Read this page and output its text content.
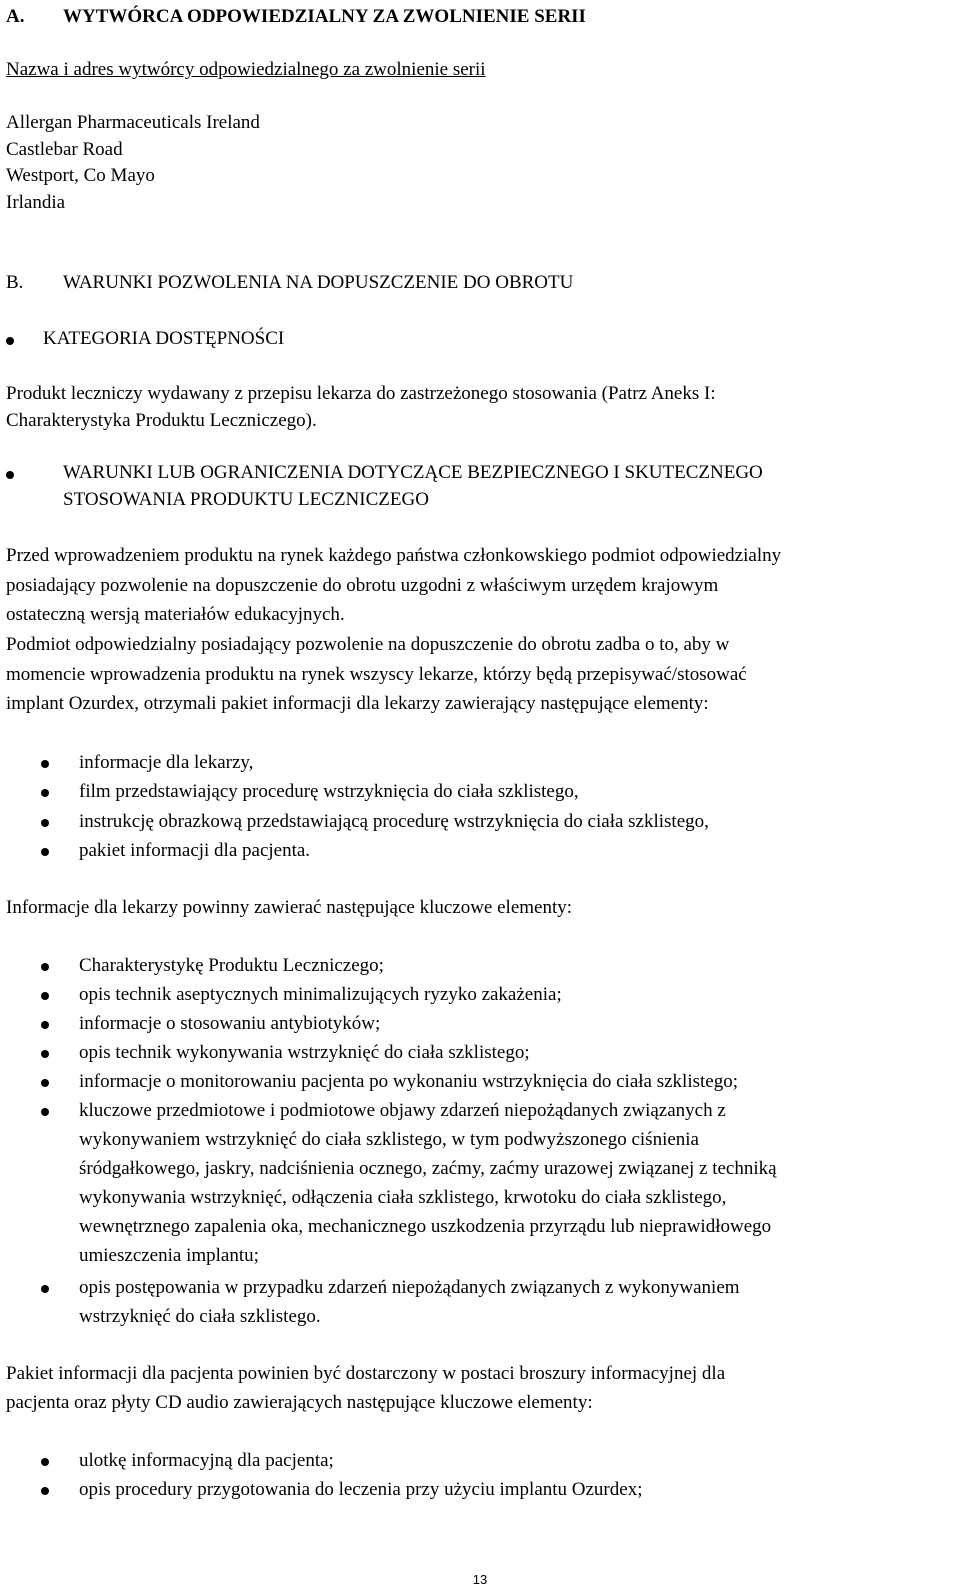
A. WYTWÓRCA ODPOWIEDZIALNY ZA ZWOLNIENIE SERII
Nazwa i adres wytwórcy odpowiedzialnego za zwolnienie serii
Allergan Pharmaceuticals Ireland
Castlebar Road
Westport, Co Mayo
Irlandia
B. WARUNKI POZWOLENIA NA DOPUSZCZENIE DO OBROTU
KATEGORIA DOSTĘPNOŚCI
Produkt leczniczy wydawany z przepisu lekarza do zastrzeżonego stosowania (Patrz Aneks I:
Charakterystyka Produktu Leczniczego).
WARUNKI LUB OGRANICZENIA DOTYCZĄCE BEZPIECZNEGO I SKUTECZNEGO
STOSOWANIA PRODUKTU LECZNICZEGO
Przed wprowadzeniem produktu na rynek każdego państwa członkowskiego podmiot odpowiedzialny
posiadający pozwolenie na dopuszczenie do obrotu uzgodni z właściwym urzędem krajowym
ostateczną wersją materiałów edukacyjnych.
Podmiot odpowiedzialny posiadający pozwolenie na dopuszczenie do obrotu zadba o to, aby w
momencie wprowadzenia produktu na rynek wszyscy lekarze, którzy będą przepisywać/stosować
implant Ozurdex, otrzymali pakiet informacji dla lekarzy zawierający następujące elementy:
informacje dla lekarzy,
film przedstawiający procedurę wstrzyknięcia do ciała szklistego,
instrukcję obrazkową przedstawiającą procedurę wstrzyknięcia do ciała szklistego,
pakiet informacji dla pacjenta.
Informacje dla lekarzy powinny zawierać następujące kluczowe elementy:
Charakterystykę Produktu Leczniczego;
opis technik aseptycznych minimalizujących ryzyko zakażenia;
informacje o stosowaniu antybiotyków;
opis technik wykonywania wstrzyknięć do ciała szklistego;
informacje o monitorowaniu pacjenta po wykonaniu wstrzyknięcia do ciała szklistego;
kluczowe przedmiotowe i podmiotowe objawy zdarzeń niepożądanych związanych z
wykonywaniem wstrzyknięć do ciała szklistego, w tym podwyższonego ciśnienia
śródgałkowego, jaskry, nadciśnienia ocznego, zaćmy, zaćmy urazowej związanej z techniką
wykonywania wstrzyknięć, odłączenia ciała szklistego, krwotoku do ciała szklistego,
wewnętrznego zapalenia oka, mechanicznego uszkodzenia przyrządu lub nieprawidłowego
umieszczenia implantu;
opis postępowania w przypadku zdarzeń niepożądanych związanych z wykonywaniem
wstrzyknięć do ciała szklistego.
Pakiet informacji dla pacjenta powinien być dostarczony w postaci broszury informacyjnej dla
pacjenta oraz płyty CD audio zawierających następujące kluczowe elementy:
ulotkę informacyjną dla pacjenta;
opis procedury przygotowania do leczenia przy użyciu implantu Ozurdex;
13
